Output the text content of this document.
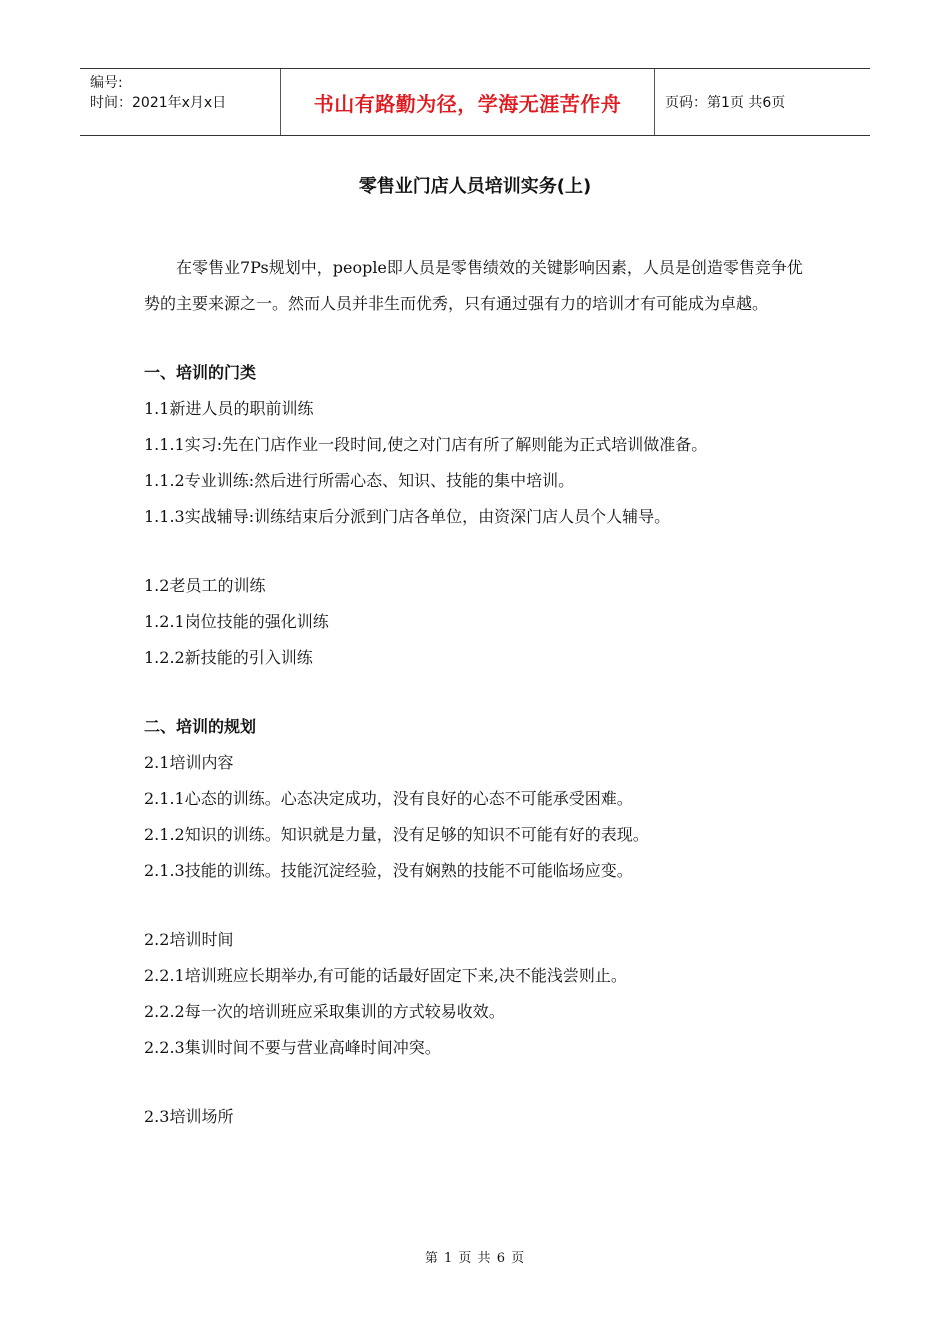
编号:
时间：2021年x月x日	书山有路勤为径，学海无涯苦作舟	页码：第1页 共6页
零售业门店人员培训实务(上)

在零售业7Ps规划中，people即人员是零售绩效的关键影响因素，人员是创造零售竞争优势的主要来源之一。然而人员并非生而优秀，只有通过强有力的培训才有可能成为卓越。

一、培训的门类

1.1新进人员的职前训练

1.1.1实习:先在门店作业一段时间,使之对门店有所了解则能为正式培训做准备。

1.1.2专业训练:然后进行所需心态、知识、技能的集中培训。

1.1.3实战辅导:训练结束后分派到门店各单位，由资深门店人员个人辅导。

1.2老员工的训练

1.2.1岗位技能的强化训练

1.2.2新技能的引入训练

二、培训的规划

2.1培训内容

2.1.1心态的训练。心态决定成功，没有良好的心态不可能承受困难。

2.1.2知识的训练。知识就是力量，没有足够的知识不可能有好的表现。

2.1.3技能的训练。技能沉淀经验，没有娴熟的技能不可能临场应变。

2.2培训时间

2.2.1培训班应长期举办,有可能的话最好固定下来,决不能浅尝则止。

2.2.2每一次的培训班应采取集训的方式较易收效。

2.2.3集训时间不要与营业高峰时间冲突。

2.3培训场所

第 1 页 共 6 页
